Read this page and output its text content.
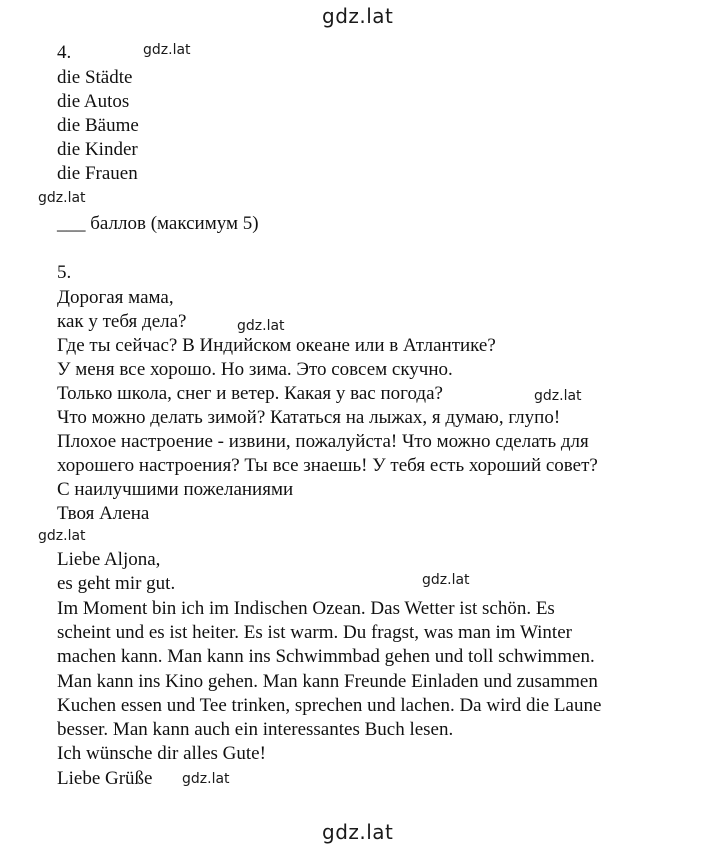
gdz.lat
gdz.lat
gdz.lat
gdz.lat
gdz.lat
gdz.lat
gdz.lat
gdz.lat
gdz.lat
4.
die Städte
die Autos
die Bäume
die Kinder
die Frauen
___ баллов (максимум 5)
5.
Дорогая мама,
как у тебя дела?
Где ты сейчас? В Индийском океане или в Атлантике?
У меня все хорошо. Но зима. Это совсем скучно.
Только школа, снег и ветер. Какая у вас погода?
Что можно делать зимой? Кататься на лыжах, я думаю, глупо!
Плохое настроение - извини, пожалуйста! Что можно сделать для
хорошего настроения? Ты все знаешь! У тебя есть хороший совет?
С наилучшими пожеланиями
Твоя Алена
Liebe Aljona,
es geht mir gut.
Im Moment bin ich im Indischen Ozean. Das Wetter ist schön. Es
scheint und es ist heiter. Es ist warm. Du fragst, was man im Winter
machen kann. Man kann ins Schwimmbad gehen und toll schwimmen.
Man kann ins Kino gehen. Man kann Freunde Einladen und zusammen
Kuchen essen und Tee trinken, sprechen und lachen. Da wird die Laune
besser. Man kann auch ein interessantes Buch lesen.
Ich wünsche dir alles Gute!
Liebe Grüße
